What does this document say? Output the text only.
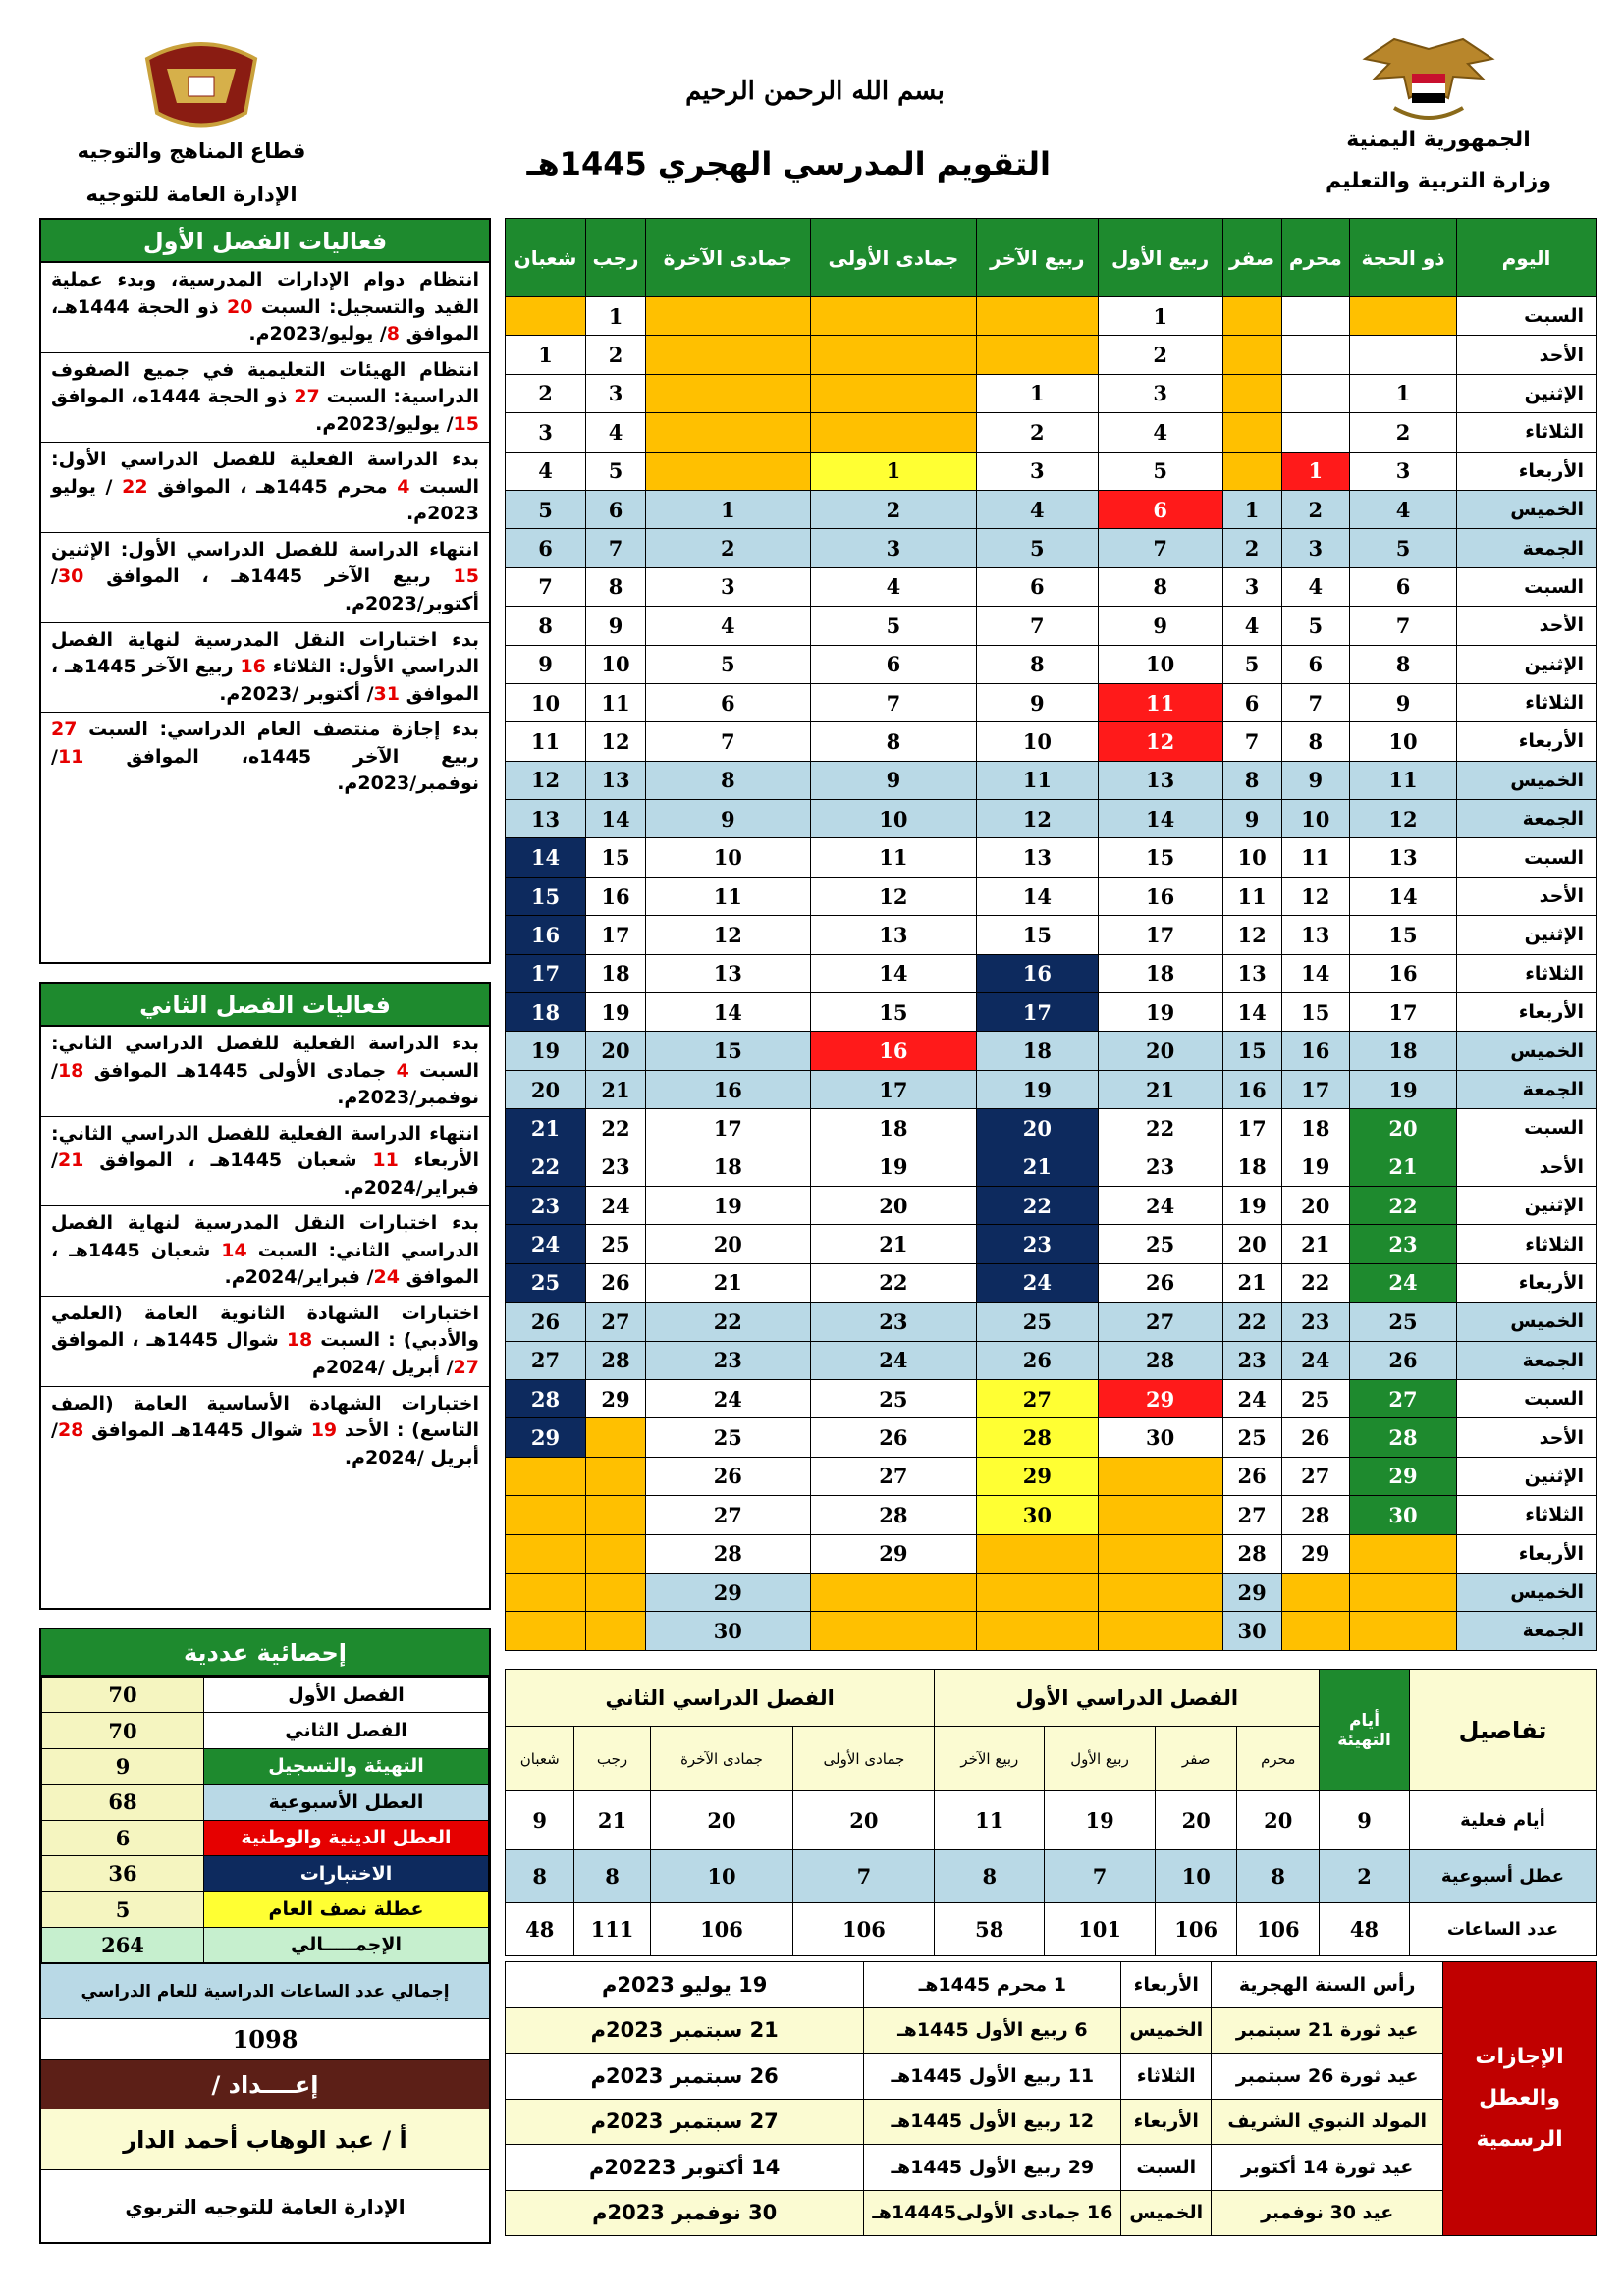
بسم الله الرحمن الرحيم
التقويم المدرسي الهجري 1445هـ
الجمهورية اليمنية
وزارة التربية والتعليم
قطاع المناهج والتوجيه
الإدارة العامة للتوجيه
اليوم	ذو الحجة	محرم	صفر	ربيع الأول	ربيع الآخر	جمادى الأولى	جمادى الآخرة	رجب	شعبان
السبت				1				1	
الأحد				2				2	1
الإثنين	1			3	1			3	2
الثلاثاء	2			4	2			4	3
الأربعاء	3	1		5	3	1		5	4
الخميس	4	2	1	6	4	2	1	6	5
الجمعة	5	3	2	7	5	3	2	7	6
السبت	6	4	3	8	6	4	3	8	7
الأحد	7	5	4	9	7	5	4	9	8
الإثنين	8	6	5	10	8	6	5	10	9
الثلاثاء	9	7	6	11	9	7	6	11	10
الأربعاء	10	8	7	12	10	8	7	12	11
الخميس	11	9	8	13	11	9	8	13	12
الجمعة	12	10	9	14	12	10	9	14	13
السبت	13	11	10	15	13	11	10	15	14
الأحد	14	12	11	16	14	12	11	16	15
الإثنين	15	13	12	17	15	13	12	17	16
الثلاثاء	16	14	13	18	16	14	13	18	17
الأربعاء	17	15	14	19	17	15	14	19	18
الخميس	18	16	15	20	18	16	15	20	19
الجمعة	19	17	16	21	19	17	16	21	20
السبت	20	18	17	22	20	18	17	22	21
الأحد	21	19	18	23	21	19	18	23	22
الإثنين	22	20	19	24	22	20	19	24	23
الثلاثاء	23	21	20	25	23	21	20	25	24
الأربعاء	24	22	21	26	24	22	21	26	25
الخميس	25	23	22	27	25	23	22	27	26
الجمعة	26	24	23	28	26	24	23	28	27
السبت	27	25	24	29	27	25	24	29	28
الأحد	28	26	25	30	28	26	25		29
الإثنين	29	27	26		29	27	26		
الثلاثاء	30	28	27		30	28	27		
الأربعاء		29	28			29	28		
الخميس			29				29		
الجمعة			30				30		
فعاليات الفصل الأول
انتظام دوام الإدارات المدرسية، وبدء عملية القيد والتسجيل: السبت 20 ذو الحجة 1444هـ، الموافق 8/ يوليو/2023م.
انتظام الهيئات التعليمية في جميع الصفوف الدراسية: السبت 27 ذو الحجة 1444ه، الموافق 15/ يوليو/2023م.
بدء الدراسة الفعلية للفصل الدراسي الأول: السبت 4 محرم 1445هـ ، الموافق 22 / يوليو 2023م.
انتهاء الدراسة للفصل الدراسي الأول: الإثنين 15 ربيع الآخر 1445هـ ، الموافق 30/ أكتوبر/2023م.
بدء اختبارات النقل المدرسية لنهاية الفصل الدراسي الأول: الثلاثاء 16 ربيع الآخر 1445هـ ، الموافق 31/ أكتوبر /2023م.
بدء إجازة منتصف العام الدراسي: السبت 27 ربيع الآخر 1445ه، الموافق 11/ نوفمبر/2023م.
فعاليات الفصل الثاني
بدء الدراسة الفعلية للفصل الدراسي الثاني: السبت 4 جمادى الأولى 1445هـ الموافق 18/ نوفمبر/2023م.
انتهاء الدراسة الفعلية للفصل الدراسي الثاني: الأربعاء 11 شعبان 1445هـ ، الموافق 21/ فبراير/2024م.
بدء اختبارات النقل المدرسية لنهاية الفصل الدراسي الثاني: السبت 14 شعبان 1445هـ ، الموافق 24/ فبراير/2024م.
اختبارات الشهادة الثانوية العامة (العلمي والأدبي) : السبت 18 شوال 1445هـ ، الموافق 27/ أبريل /2024م
اختبارات الشهادة الأساسية العامة (الصف التاسع) : الأحد 19 شوال 1445هـ الموافق 28/ أبريل /2024م.
إحصائية عددية
الفصل الأول	70
الفصل الثاني	70
التهيئة والتسجيل	9
العطل الأسبوعية	68
العطل الدينية والوطنية	6
الاختبارات	36
عطلة نصف العام	5
الإجمـــــالي	264
إجمالي عدد الساعات الدراسية للعام الدراسي
1098
إعــــداد /
أ / عبد الوهاب أحمد الدار
الإدارة العامة للتوجيه التربوي
تفاصيل	أيام التهيئة	الفصل الدراسي الأول				الفصل الدراسي الثاني			
		محرم	صفر	ربيع الأول	ربيع الآخر	جمادى الأولى	جمادى الآخرة	رجب	شعبان
أيام فعلية	9	20	20	19	11	20	20	21	9
عطل أسبوعية	2	8	10	7	8	7	10	8	8
عدد الساعات	48	106	106	101	58	106	106	111	48
الإجازات والعطل الرسمية	رأس السنة الهجرية	الأربعاء	1 محرم 1445هـ	19 يوليو 2023م
	عيد ثورة 21 سبتمبر	الخميس	6 ربيع الأول 1445هـ	21 سبتمبر 2023م
	عيد ثورة 26 سبتمبر	الثلاثاء	11 ربيع الأول 1445هـ	26 سبتمبر 2023م
	المولد النبوي الشريف	الأربعاء	12 ربيع الأول 1445هـ	27 سبتمبر 2023م
	عيد ثورة 14 أكتوبر	السبت	29 ربيع الأول 1445هـ	14 أكتوبر 20223م
	عيد 30 نوفمبر	الخميس	16 جمادى الأولى14445هـ	30 نوفمبر 2023م
